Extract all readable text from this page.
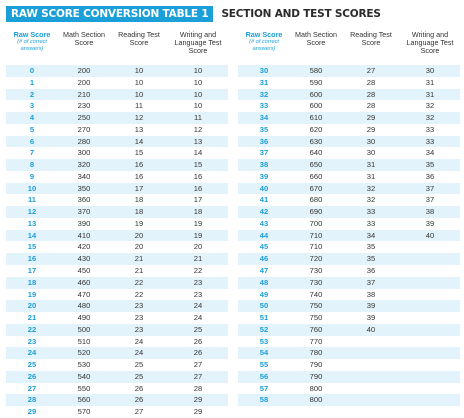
RAW SCORE CONVERSION TABLE 1	SECTION AND TEST SCORES
Raw Score
(# of correct answers)
Math Section Score
Reading Test Score
Writing and Language Test Score
0	200	10	10
1	200	10	10
2	210	10	10
3	230	11	10
4	250	12	11
5	270	13	12
6	280	14	13
7	300	15	14
8	320	16	15
9	340	16	16
10	350	17	16
11	360	18	17
12	370	18	18
13	390	19	19
14	410	20	19
15	420	20	20
16	430	21	21
17	450	21	22
18	460	22	23
19	470	22	23
20	480	23	24
21	490	23	24
22	500	23	25
23	510	24	26
24	520	24	26
25	530	25	27
26	540	25	27
27	550	26	28
28	560	26	29
29	570	27	29
Raw Score
(# of correct answers)
Math Section Score
Reading Test Score
Writing and Language Test Score
30	580	27	30
31	590	28	31
32	600	28	31
33	600	28	32
34	610	29	32
35	620	29	33
36	630	30	33
37	640	30	34
38	650	31	35
39	660	31	36
40	670	32	37
41	680	32	37
42	690	33	38
43	700	33	39
44	710	34	40
45	710	35
46	720	35
47	730	36
48	730	37
49	740	38
50	750	39
51	750	39
52	760	40
53	770
54	780
55	790
56	790
57	800
58	800
